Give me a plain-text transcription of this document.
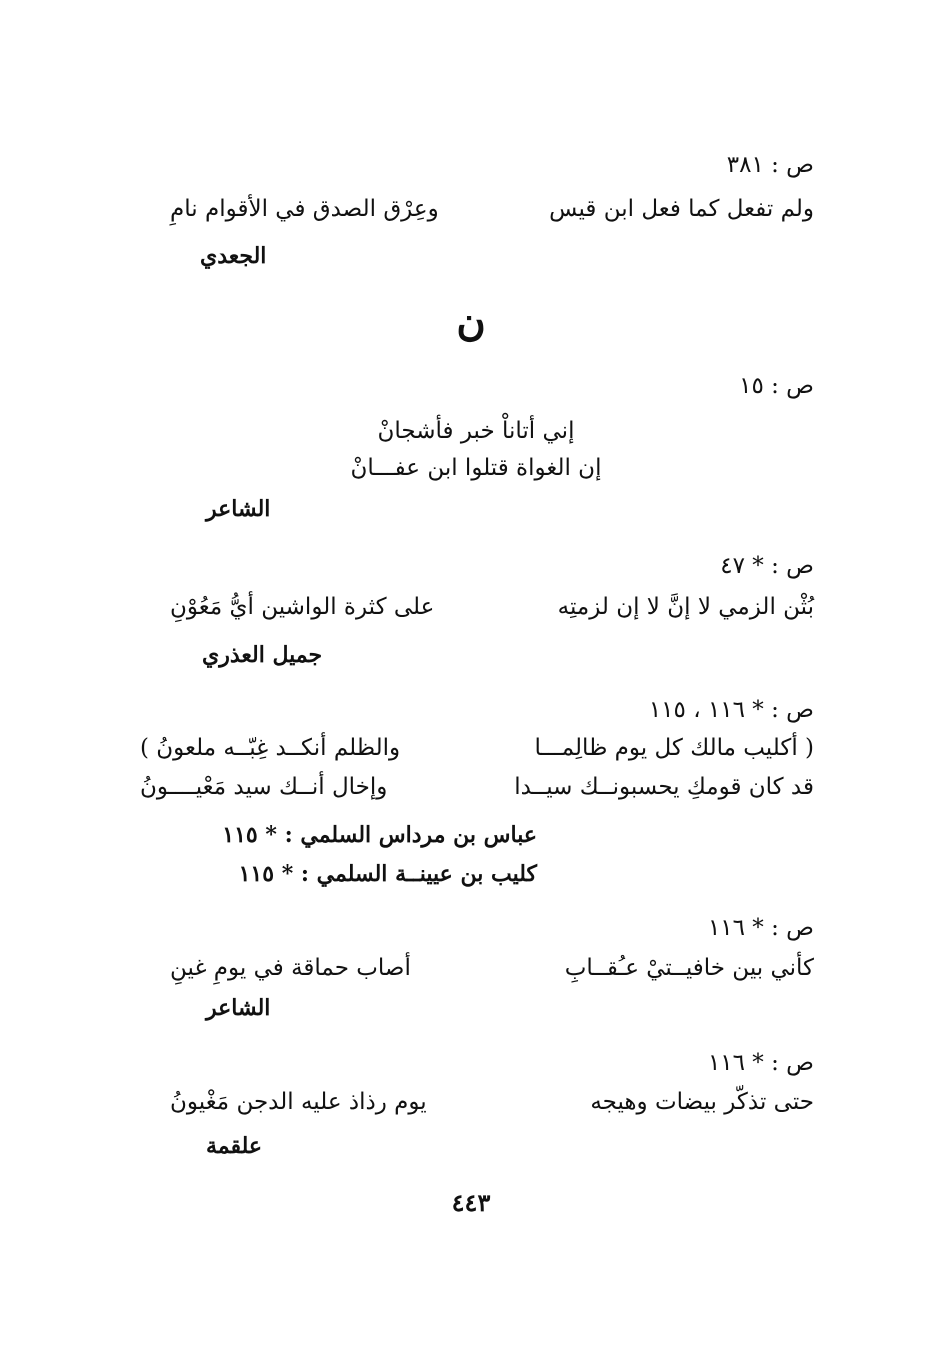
ص : ٣٨١
ولم تفعل كما فعل ابن قيس
وعِرْق الصدق في الأقوام نامِ
الجعدي
ن
ص : ١٥
إني أتاناْ خبر فأشجانْ
إن الغواة قتلوا ابن عفـــانْ
الشاعر
ص : * ٤٧
بُثْن الزمي لا إنَّ لا إن لزمتِه
على كثرة الواشين أيُّ مَعُوْنِ
جميل العذري
ص : * ١١٦ ، ١١٥
( أكليب مالك كل يوم ظالِمـــا
والظلم أنكــد غِبّــه ملعونُ )
قد كان قومكِ يحسبونــك سيــدا
وإخال أنــك سيد مَعْيــــونُ
عباس بن مرداس السلمي : * ١١٥
كليب بن عيينــة السلمي : * ١١٥
ص : * ١١٦
كأني بين خافيــتيْ عـُقــابِ
أصاب حماقة في يومِ غينِ
الشاعر
ص : * ١١٦
حتى تذكّر بيضات وهيجه
يوم رذاذ عليه الدجن مَغْيونُ
علقمة
٤٤٣
